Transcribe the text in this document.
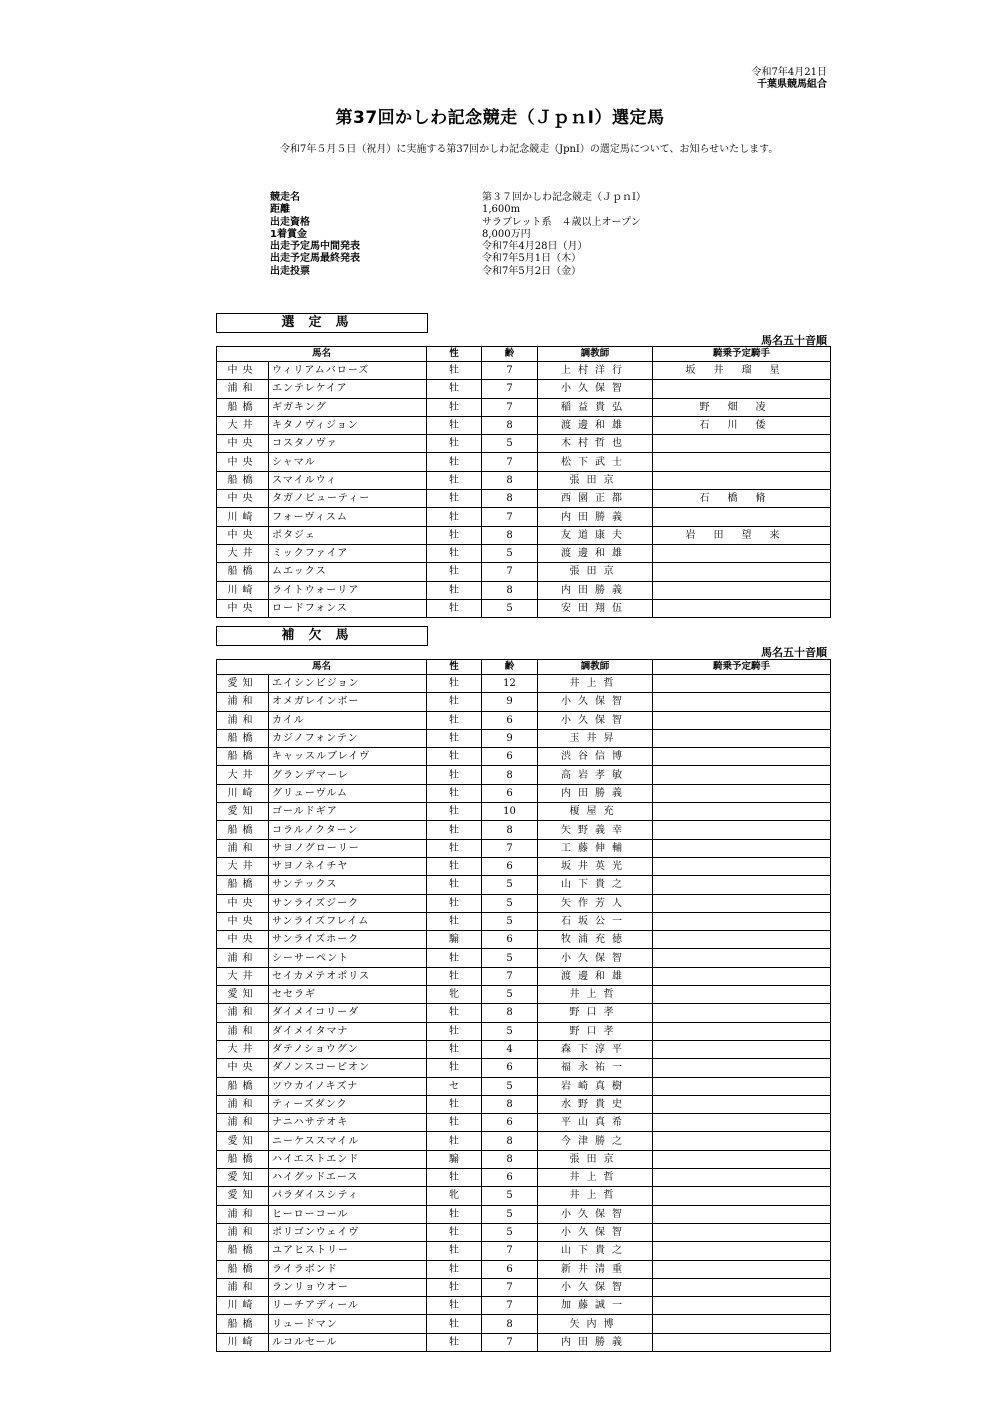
令和7年4月21日
千葉県競馬組合
第37回かしわ記念競走（ＪｐｎⅠ）選定馬
令和7年５月５日（祝月）に実施する第37回かしわ記念競走（JpnⅠ）の選定馬について、お知らせいたします。
競走名	第３７回かしわ記念競走（ＪｐｎⅠ）
距離	1,600m
出走資格	サラブレット系　４歳以上オープン
1着賞金	8,000万円
出走予定馬中間発表	令和7年4月28日（月）
出走予定馬最終発表	令和7年5月1日（木）
出走投票	令和7年5月2日（金）
選定馬
馬名五十音順
馬名		性	齢	調教師	騎乗予定騎手
中央	ウィリアムバローズ	牡	7	上村洋行	坂井瑠星
浦和	エンテレケイア	牡	7	小久保智	
船橋	ギガキング	牡	7	稲益貴弘	野畑凌
大井	キタノヴィジョン	牡	8	渡邊和雄	石川倭
中央	コスタノヴァ	牡	5	木村哲也	
中央	シャマル	牡	7	松下武士	
船橋	スマイルウィ	牡	8	張田京	
中央	タガノビューティー	牡	8	西園正都	石橋脩
川崎	フォーヴィスム	牡	7	内田勝義	
中央	ポタジェ	牡	8	友道康夫	岩田望来
大井	ミックファイア	牡	5	渡邊和雄	
船橋	ムエックス	牡	7	張田京	
川崎	ライトウォーリア	牡	8	内田勝義	
中央	ロードフォンス	牡	5	安田翔伍	
補欠馬
馬名五十音順
馬名		性	齢	調教師	騎乗予定騎手
愛知	エイシンビジョン	牡	12	井上哲	
浦和	オメガレインボー	牡	9	小久保智	
浦和	カイル	牡	6	小久保智	
船橋	カジノフォンテン	牡	9	玉井昇	
船橋	キャッスルブレイヴ	牡	6	渋谷信博	
大井	グランデマーレ	牡	8	高岩孝敏	
川崎	グリューヴルム	牡	6	内田勝義	
愛知	ゴールドギア	牡	10	榎屋充	
船橋	コラルノクターン	牡	8	矢野義幸	
浦和	サヨノグローリー	牡	7	工藤伸輔	
大井	サヨノネイチヤ	牡	6	坂井英光	
船橋	サンテックス	牡	5	山下貴之	
中央	サンライズジーク	牡	5	矢作芳人	
中央	サンライズフレイム	牡	5	石坂公一	
中央	サンライズホーク	騸	6	牧浦充徳	
浦和	シーサーペント	牡	5	小久保智	
大井	セイカメテオポリス	牡	7	渡邊和雄	
愛知	セセラギ	牝	5	井上哲	
浦和	ダイメイコリーダ	牡	8	野口孝	
浦和	ダイメイタマナ	牡	5	野口孝	
大井	ダテノショウグン	牡	4	森下淳平	
中央	ダノンスコーピオン	牡	6	福永祐一	
船橋	ツウカイノキズナ	セ	5	岩崎真樹	
浦和	ティーズダンク	牡	8	水野貴史	
浦和	ナニハサテオキ	牡	6	平山真希	
愛知	ニーケススマイル	牡	8	今津勝之	
船橋	ハイエストエンド	騸	8	張田京	
愛知	ハイグッドエース	牡	6	井上哲	
愛知	パラダイスシティ	牝	5	井上哲	
浦和	ヒーローコール	牡	5	小久保智	
浦和	ポリゴンウェイヴ	牡	5	小久保智	
船橋	ユアヒストリー	牡	7	山下貴之	
船橋	ライラボンド	牡	6	新井清重	
浦和	ランリョウオー	牡	7	小久保智	
川崎	リーチアディール	牡	7	加藤誠一	
船橋	リュードマン	牡	8	矢内博	
川崎	ルコルセール	牡	7	内田勝義	
